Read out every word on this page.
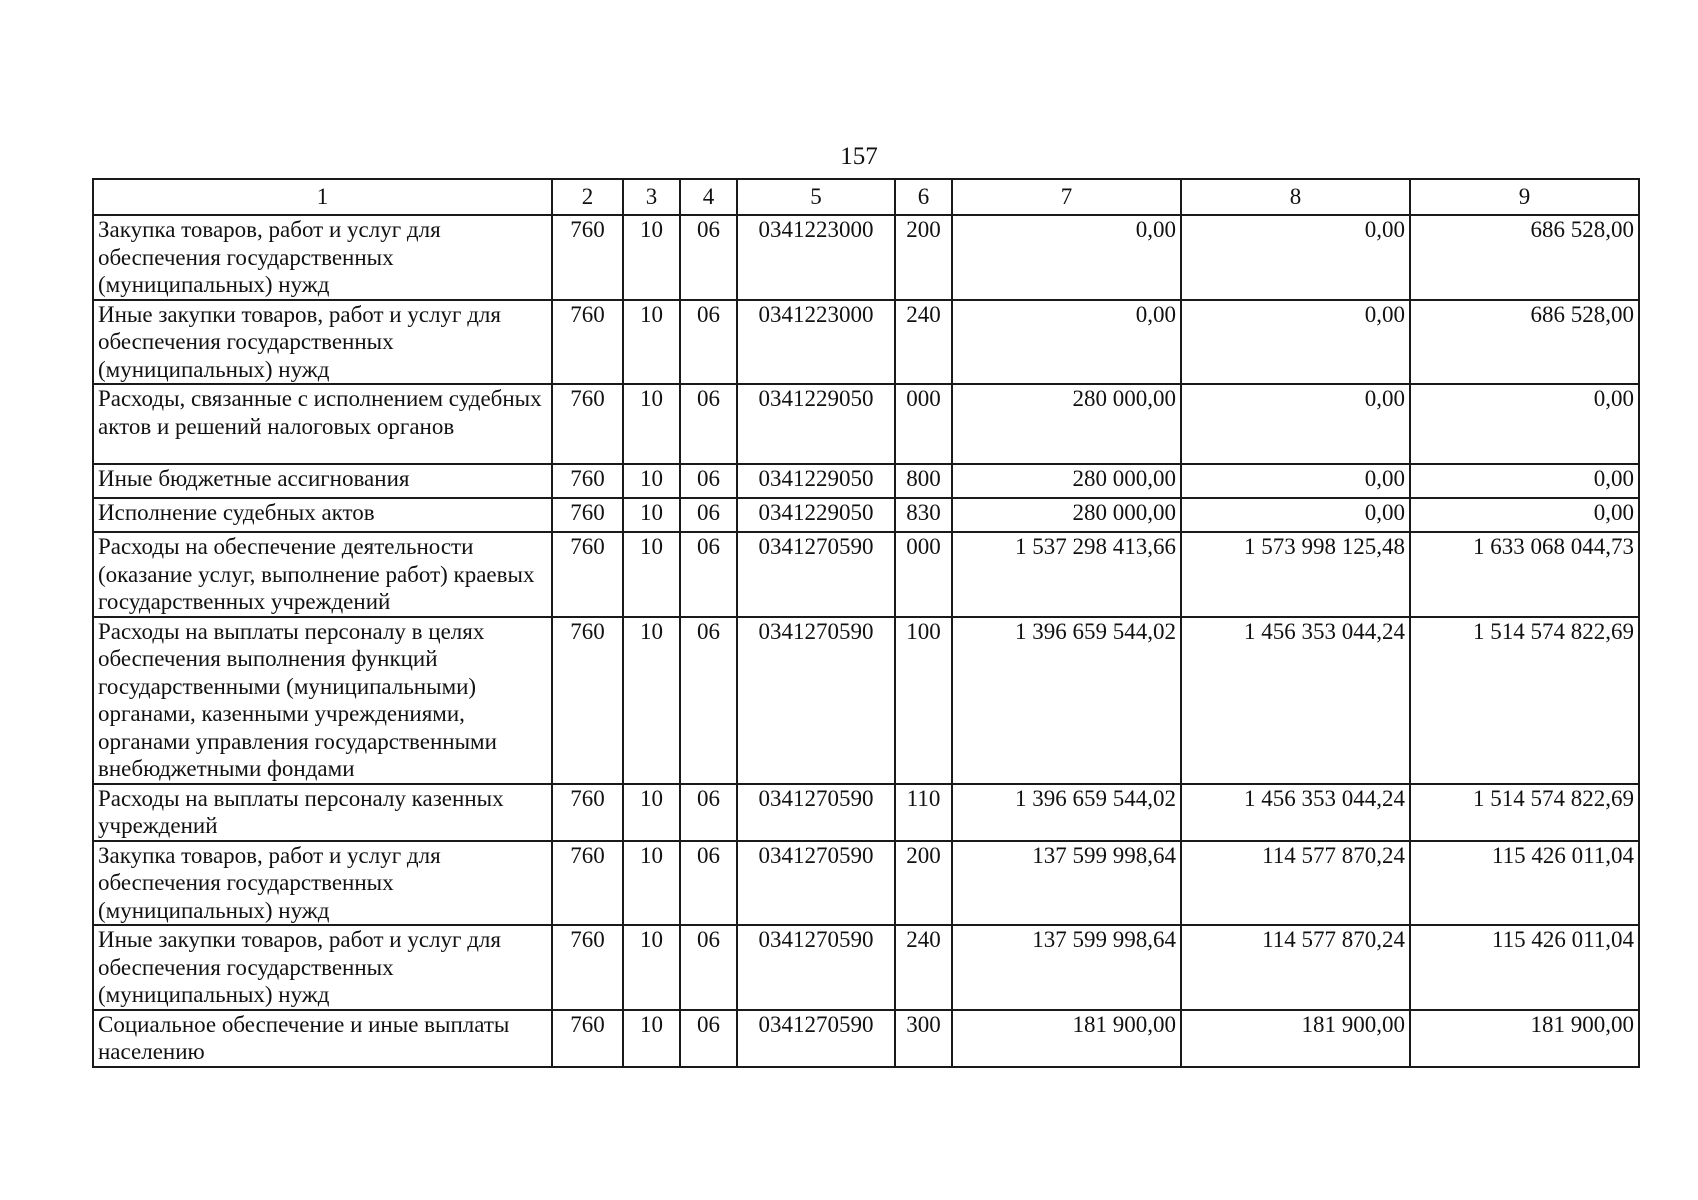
157
1	2	3	4	5	6	7	8	9
Закупка товаров, работ и услуг для обеспечения государственных (муниципальных) нужд	760	10	06	0341223000	200	0,00	0,00	686 528,00
Иные закупки товаров, работ и услуг для обеспечения государственных (муниципальных) нужд	760	10	06	0341223000	240	0,00	0,00	686 528,00
Расходы, связанные с исполнением судебных актов и решений налоговых органов	760	10	06	0341229050	000	280 000,00	0,00	0,00
Иные бюджетные ассигнования	760	10	06	0341229050	800	280 000,00	0,00	0,00
Исполнение судебных актов	760	10	06	0341229050	830	280 000,00	0,00	0,00
Расходы на обеспечение деятельности (оказание услуг, выполнение работ) краевых государственных учреждений	760	10	06	0341270590	000	1 537 298 413,66	1 573 998 125,48	1 633 068 044,73
Расходы на выплаты персоналу в целях обеспечения выполнения функций государственными (муниципальными) органами, казенными учреждениями, органами управления государственными внебюджетными фондами	760	10	06	0341270590	100	1 396 659 544,02	1 456 353 044,24	1 514 574 822,69
Расходы на выплаты персоналу казенных учреждений	760	10	06	0341270590	110	1 396 659 544,02	1 456 353 044,24	1 514 574 822,69
Закупка товаров, работ и услуг для обеспечения государственных (муниципальных) нужд	760	10	06	0341270590	200	137 599 998,64	114 577 870,24	115 426 011,04
Иные закупки товаров, работ и услуг для обеспечения государственных (муниципальных) нужд	760	10	06	0341270590	240	137 599 998,64	114 577 870,24	115 426 011,04
Социальное обеспечение и иные выплаты населению	760	10	06	0341270590	300	181 900,00	181 900,00	181 900,00
